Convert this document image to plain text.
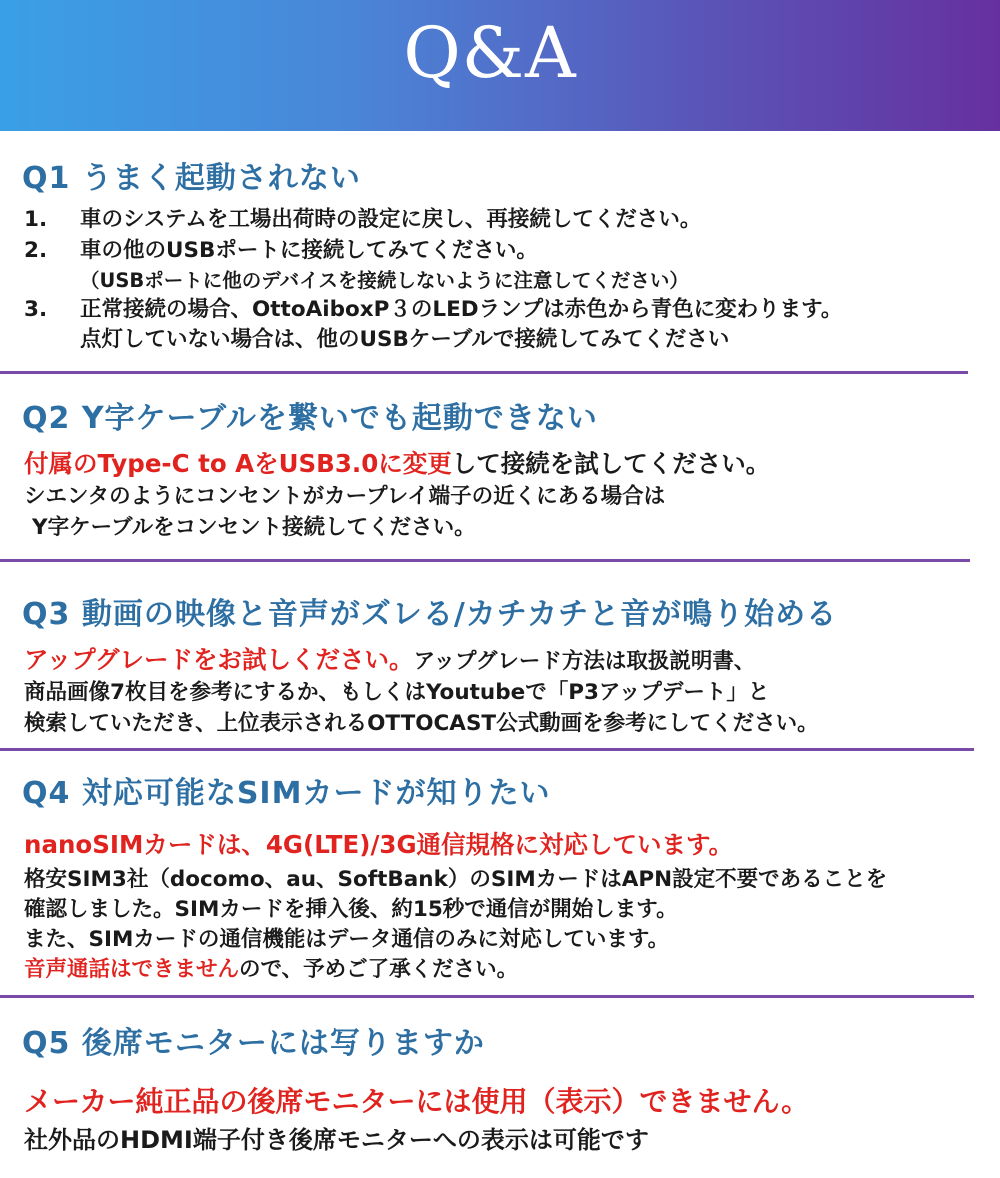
Q&A
Q1 うまく起動されない
1. 車のシステムを工場出荷時の設定に戻し、再接続してください。
2. 車の他のUSBポートに接続してみてください。
（USBポートに他のデバイスを接続しないように注意してください）
3. 正常接続の場合、OttoAiboxP３のLEDランプは赤色から青色に変わります。
点灯していない場合は、他のUSBケーブルで接続してみてください
Q2 Y字ケーブルを繋いでも起動できない
付属のType-C to AをUSB3.0に変更して接続を試してください。
シエンタのようにコンセントがカープレイ端子の近くにある場合は
Y字ケーブルをコンセント接続してください。
Q3 動画の映像と音声がズレる/カチカチと音が鳴り始める
アップグレードをお試しください。アップグレード方法は取扱説明書、
商品画像7枚目を参考にするか、もしくはYoutubeで「P3アップデート」と
検索していただき、上位表示されるOTTOCAST公式動画を参考にしてください。
Q4 対応可能なSIMカードが知りたい
nanoSIMカードは、4G(LTE)/3G通信規格に対応しています。
格安SIM3社（docomo、au、SoftBank）のSIMカードはAPN設定不要であることを
確認しました。SIMカードを挿入後、約15秒で通信が開始します。
また、SIMカードの通信機能はデータ通信のみに対応しています。
音声通話はできませんので、予めご了承ください。
Q5 後席モニターには写りますか
メーカー純正品の後席モニターには使用（表示）できません。
社外品のHDMI端子付き後席モニターへの表示は可能です
